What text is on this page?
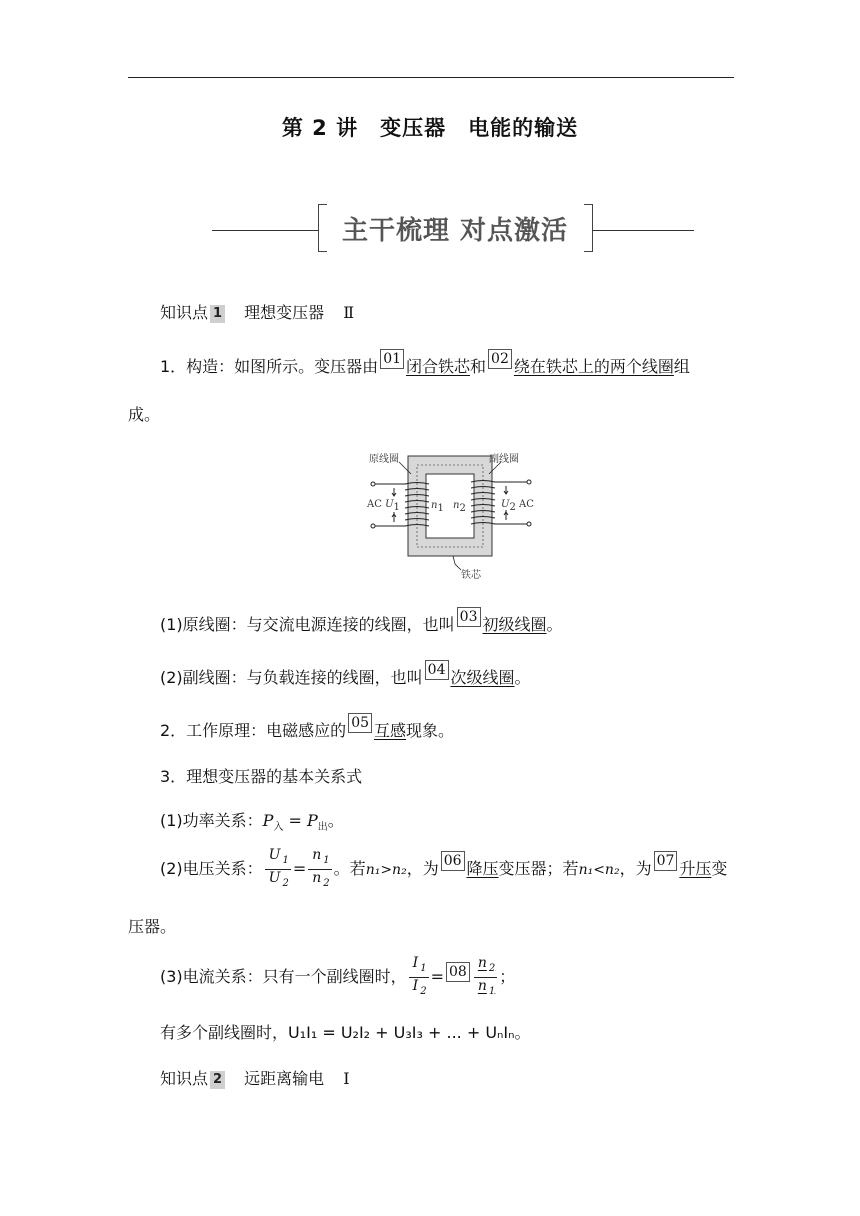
第 2 讲　变压器　电能的输送
主干梳理 对点激活
知识点 1 理想变压器 Ⅱ
1．构造：如图所示。变压器由 01 闭合铁芯和 02 绕在铁芯上的两个线圈组
成。
原线圈	副线圈
铁芯
AC $U_1$	$U_2$ AC
$n_1$ $n_2$
(1)原线圈：与交流电源连接的线圈，也叫 03 初级线圈。
(2)副线圈：与负载连接的线圈，也叫 04 次级线圈。
2．工作原理：电磁感应的 05 互感现象。
3．理想变压器的基本关系式
(1)功率关系：$P_入 = P_出$。
(2)电压关系： $\frac{U _1}{U _2} = \frac{n _1}{n _2}$ 。若n₁>n₂，为 06 降压变压器；若n₁<n₂，为 07 升压变
压器。
(3)电流关系：只有一个副线圈时， $\frac{I _1}{I _2} = 08 \frac{n _2}{n _1}$ ；
有多个副线圈时，U₁I₁ = U₂I₂ + U₃I₃ + ... + UₙIₙ。
知识点 2 远距离输电 Ⅰ
